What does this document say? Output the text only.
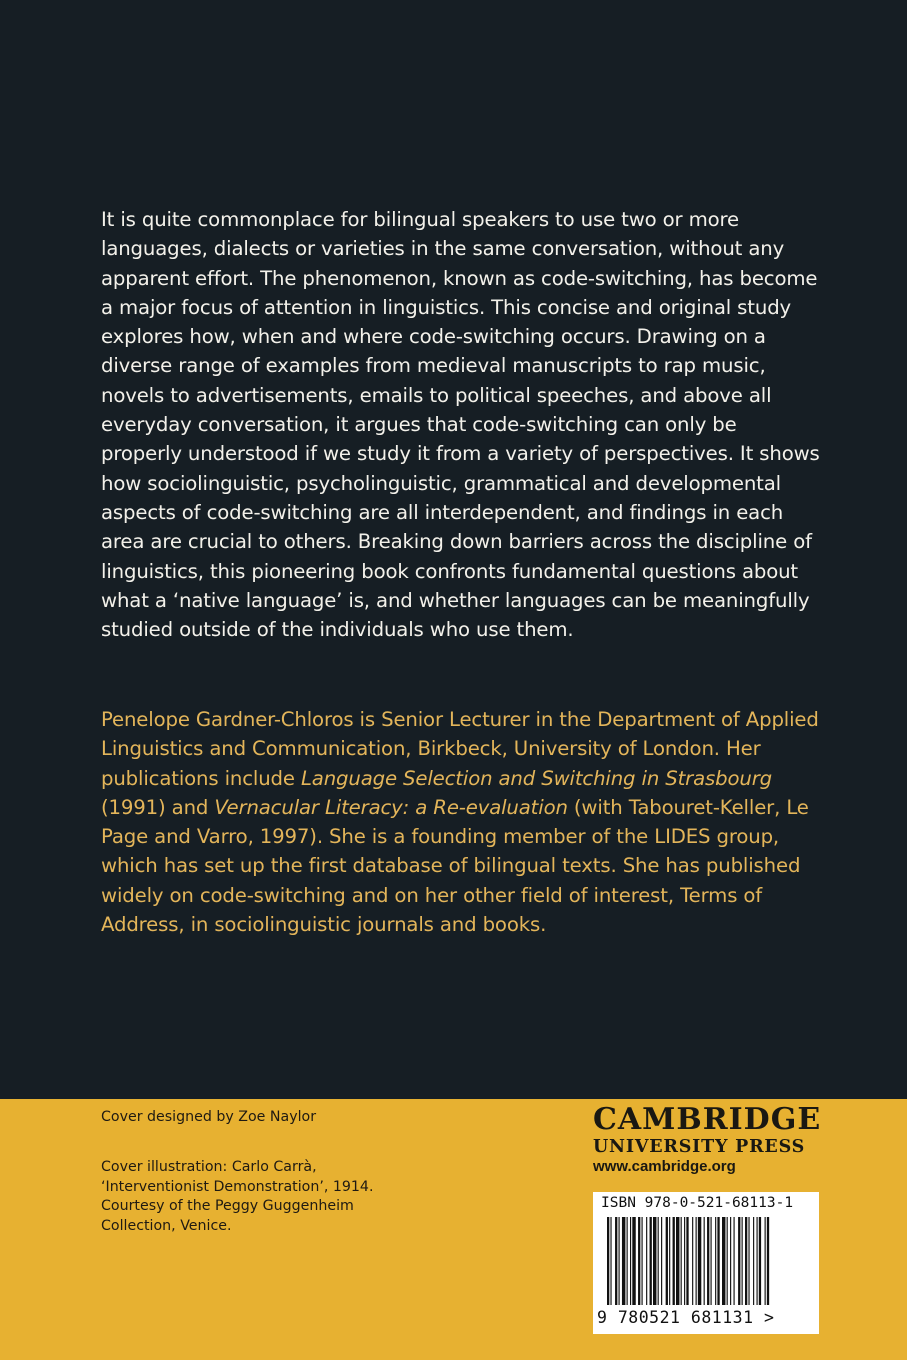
It is quite commonplace for bilingual speakers to use two or more languages, dialects or varieties in the same conversation, without any apparent effort. The phenomenon, known as code-switching, has become a major focus of attention in linguistics. This concise and original study explores how, when and where code-switching occurs. Drawing on a diverse range of examples from medieval manuscripts to rap music, novels to advertisements, emails to political speeches, and above all everyday conversation, it argues that code-switching can only be properly understood if we study it from a variety of perspectives. It shows how sociolinguistic, psycholinguistic, grammatical and developmental aspects of code-switching are all interdependent, and findings in each area are crucial to others. Breaking down barriers across the discipline of linguistics, this pioneering book confronts fundamental questions about what a ‘native language’ is, and whether languages can be meaningfully studied outside of the individuals who use them.

Penelope Gardner-Chloros is Senior Lecturer in the Department of Applied Linguistics and Communication, Birkbeck, University of London. Her publications include Language Selection and Switching in Strasbourg (1991) and Vernacular Literacy: a Re-evaluation (with Tabouret-Keller, Le Page and Varro, 1997). She is a founding member of the LIDES group, which has set up the first database of bilingual texts. She has published widely on code-switching and on her other field of interest, Terms of Address, in sociolinguistic journals and books.

Cover designed by Zoe Naylor

Cover illustration: Carlo Carrà, ‘Interventionist Demonstration’, 1914. Courtesy of the Peggy Guggenheim Collection, Venice.

CAMBRIDGE

UNIVERSITY PRESS

www.cambridge.org

ISBN 978-0-521-68113-1

9 780521 681131 >
